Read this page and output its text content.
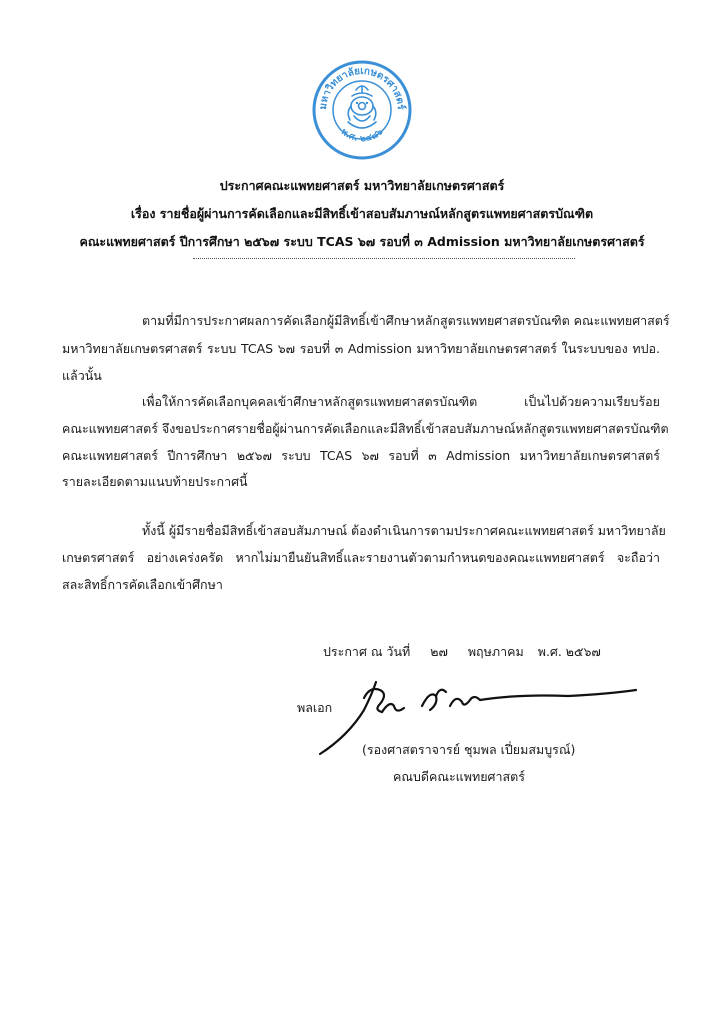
มหาวิทยาลัยเกษตรศาสตร์
พ.ศ. ๒๔๘๖
ประกาศคณะแพทยศาสตร์ มหาวิทยาลัยเกษตรศาสตร์
เรื่อง รายชื่อผู้ผ่านการคัดเลือกและมีสิทธิ์เข้าสอบสัมภาษณ์หลักสูตรแพทยศาสตรบัณฑิต
คณะแพทยศาสตร์ ปีการศึกษา ๒๕๖๗ ระบบ TCAS ๖๗ รอบที่ ๓ Admission มหาวิทยาลัยเกษตรศาสตร์
ตามที่มีการประกาศผลการคัดเลือกผู้มีสิทธิ์เข้าศึกษาหลักสูตรแพทยศาสตรบัณฑิต คณะแพทยศาสตร์
มหาวิทยาลัยเกษตรศาสตร์ ระบบ TCAS ๖๗ รอบที่ ๓ Admission มหาวิทยาลัยเกษตรศาสตร์ ในระบบของ ทปอ.
แล้วนั้น
เพื่อให้การคัดเลือกบุคคลเข้าศึกษาหลักสูตรแพทยศาสตรบัณฑิต เป็นไปด้วยความเรียบร้อย
คณะแพทยศาสตร์ จึงขอประกาศรายชื่อผู้ผ่านการคัดเลือกและมีสิทธิ์เข้าสอบสัมภาษณ์หลักสูตรแพทยศาสตรบัณฑิต
คณะแพทยศาสตร์ ปีการศึกษา ๒๕๖๗ ระบบ TCAS ๖๗ รอบที่ ๓ Admission มหาวิทยาลัยเกษตรศาสตร์
รายละเอียดตามแนบท้ายประกาศนี้
ทั้งนี้ ผู้มีรายชื่อมีสิทธิ์เข้าสอบสัมภาษณ์ ต้องดำเนินการตามประกาศคณะแพทยศาสตร์ มหาวิทยาลัย
เกษตรศาสตร์ อย่างเคร่งครัด หากไม่มายืนยันสิทธิ์และรายงานตัวตามกำหนดของคณะแพทยศาสตร์ จะถือว่า
สละสิทธิ์การคัดเลือกเข้าศึกษา
ประกาศ ณ วันที่ ๒๗ พฤษภาคม พ.ศ. ๒๕๖๗
พลเอก
(รองศาสตราจารย์ ชุมพล เปี่ยมสมบูรณ์)
คณบดีคณะแพทยศาสตร์
